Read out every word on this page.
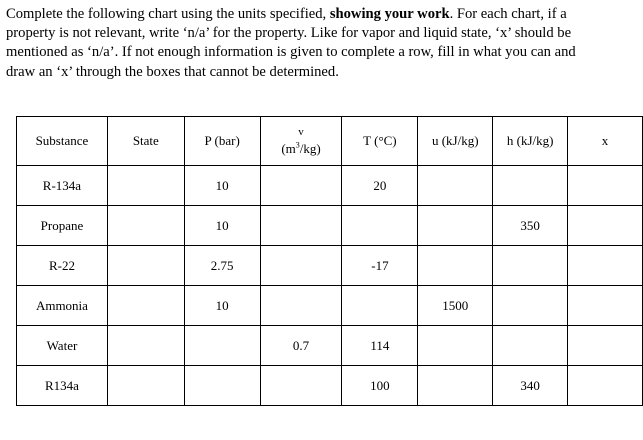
Complete the following chart using the units specified, showing your work. For each chart, if a
property is not relevant, write ‘n/a’ for the property. Like for vapor and liquid state, ‘x’ should be
mentioned as ‘n/a’. If not enough information is given to complete a row, fill in what you can and
draw an ‘x’ through the boxes that cannot be determined.
Substance	State	P (bar)	v
$(m^3/kg)$	T (°C)	u (kJ/kg)	h (kJ/kg)	x
R-134a		10		20			
Propane		10				350	
R-22		2.75		-17			
Ammonia		10			1500		
Water			0.7	114			
R134a				100		340	
